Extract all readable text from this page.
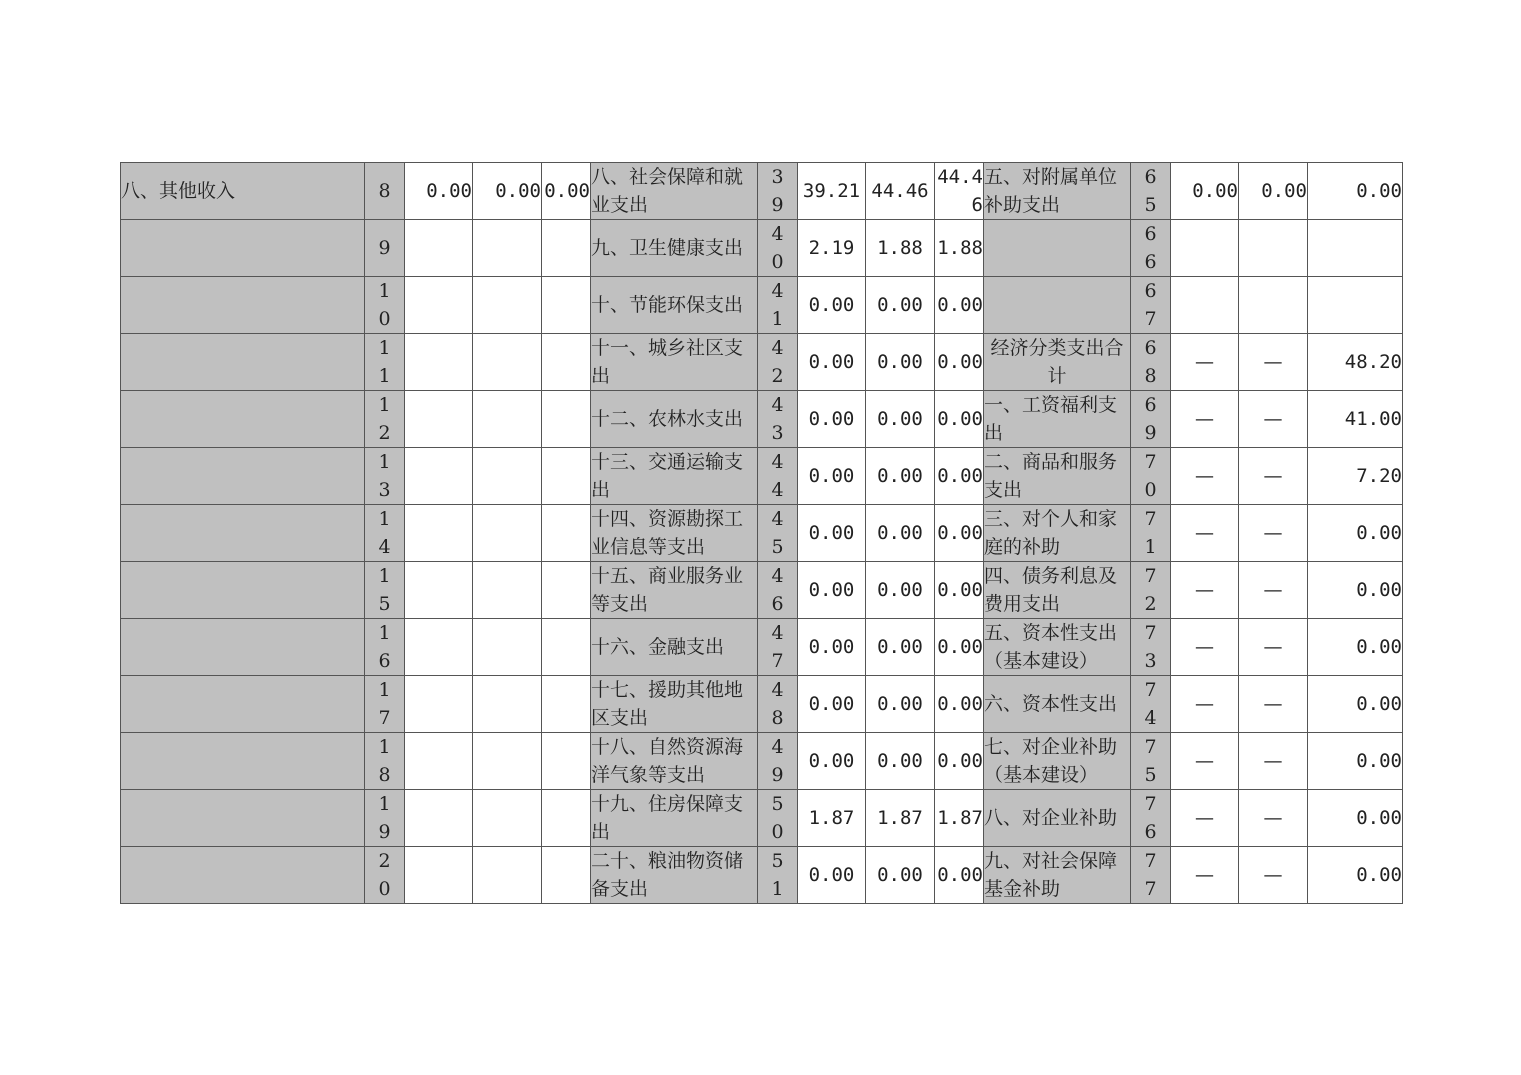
八、其他收入	8	0.00	0.00	0.00	八、社会保障和就业支出	39	39.21	44.46	44.46	五、对附属单位补助支出	65	0.00	0.00	0.00
	9				九、卫生健康支出	40	2.19	1.88	1.88		66			
	10				十、节能环保支出	41	0.00	0.00	0.00		67			
	11				十一、城乡社区支出	42	0.00	0.00	0.00	经济分类支出合计	68	—	—	48.20
	12				十二、农林水支出	43	0.00	0.00	0.00	一、工资福利支出	69	—	—	41.00
	13				十三、交通运输支出	44	0.00	0.00	0.00	二、商品和服务支出	70	—	—	7.20
	14				十四、资源勘探工业信息等支出	45	0.00	0.00	0.00	三、对个人和家庭的补助	71	—	—	0.00
	15				十五、商业服务业等支出	46	0.00	0.00	0.00	四、债务利息及费用支出	72	—	—	0.00
	16				十六、金融支出	47	0.00	0.00	0.00	五、资本性支出（基本建设）	73	—	—	0.00
	17				十七、援助其他地区支出	48	0.00	0.00	0.00	六、资本性支出	74	—	—	0.00
	18				十八、自然资源海洋气象等支出	49	0.00	0.00	0.00	七、对企业补助（基本建设）	75	—	—	0.00
	19				十九、住房保障支出	50	1.87	1.87	1.87	八、对企业补助	76	—	—	0.00
	20				二十、粮油物资储备支出	51	0.00	0.00	0.00	九、对社会保障基金补助	77	—	—	0.00
